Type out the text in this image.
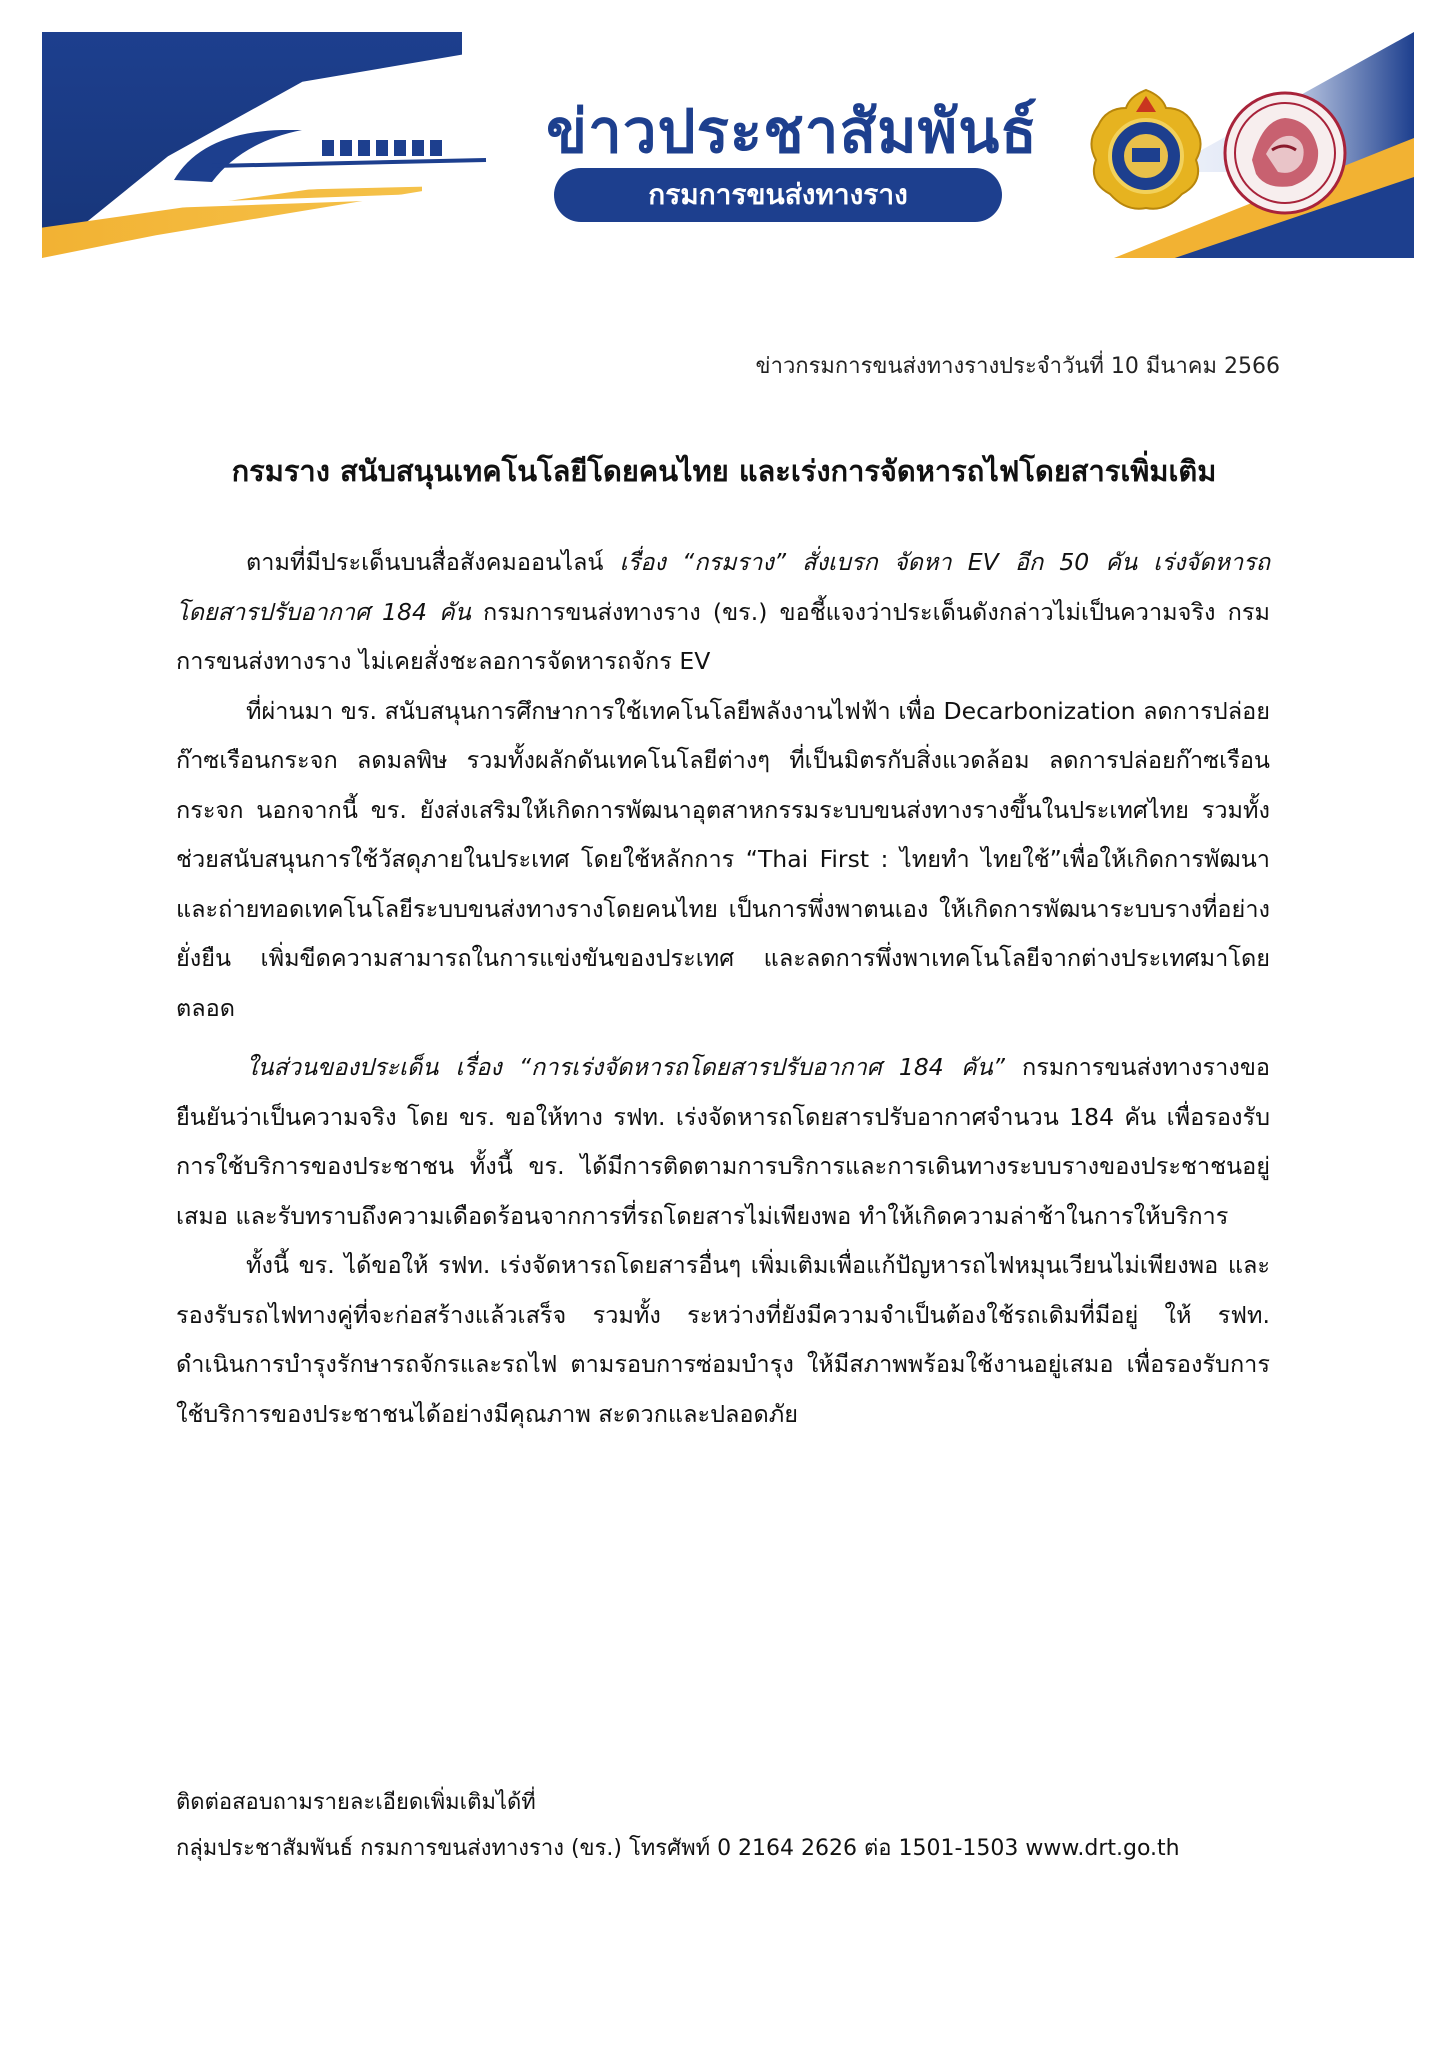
ข่าวประชาสัมพันธ์
กรมการขนส่งทางราง
ข่าวกรมการขนส่งทางรางประจำวันที่ 10 มีนาคม 2566
กรมราง สนับสนุนเทคโนโลยีโดยคนไทย และเร่งการจัดหารถไฟโดยสารเพิ่มเติม

ตามที่มีประเด็นบนสื่อสังคมออนไลน์ เรื่อง “กรมราง” สั่งเบรก จัดหา EV อีก 50 คัน เร่งจัดหารถโดยสารปรับอากาศ 184 คัน กรมการขนส่งทางราง (ขร.) ขอชี้แจงว่าประเด็นดังกล่าวไม่เป็นความจริง กรมการขนส่งทางราง ไม่เคยสั่งชะลอการจัดหารถจักร EV

ที่ผ่านมา ขร. สนับสนุนการศึกษาการใช้เทคโนโลยีพลังงานไฟฟ้า เพื่อ Decarbonization ลดการปล่อยก๊าซเรือนกระจก ลดมลพิษ รวมทั้งผลักดันเทคโนโลยีต่างๆ ที่เป็นมิตรกับสิ่งแวดล้อม ลดการปล่อยก๊าซเรือนกระจก นอกจากนี้ ขร. ยังส่งเสริมให้เกิดการพัฒนาอุตสาหกรรมระบบขนส่งทางรางขึ้นในประเทศไทย รวมทั้งช่วยสนับสนุนการใช้วัสดุภายในประเทศ โดยใช้หลักการ “Thai First : ไทยทำ ไทยใช้”เพื่อให้เกิดการพัฒนาและถ่ายทอดเทคโนโลยีระบบขนส่งทางรางโดยคนไทย เป็นการพึ่งพาตนเอง ให้เกิดการพัฒนาระบบรางที่อย่างยั่งยืน เพิ่มขีดความสามารถในการแข่งขันของประเทศ และลดการพึ่งพาเทคโนโลยีจากต่างประเทศมาโดยตลอด

ในส่วนของประเด็น เรื่อง “การเร่งจัดหารถโดยสารปรับอากาศ 184 คัน” กรมการขนส่งทางรางขอยืนยันว่าเป็นความจริง โดย ขร. ขอให้ทาง รฟท. เร่งจัดหารถโดยสารปรับอากาศจำนวน 184 คัน เพื่อรองรับการใช้บริการของประชาชน ทั้งนี้ ขร. ได้มีการติดตามการบริการและการเดินทางระบบรางของประชาชนอยู่เสมอ และรับทราบถึงความเดือดร้อนจากการที่รถโดยสารไม่เพียงพอ ทำให้เกิดความล่าช้าในการให้บริการ

ทั้งนี้ ขร. ได้ขอให้ รฟท. เร่งจัดหารถโดยสารอื่นๆ เพิ่มเติมเพื่อแก้ปัญหารถไฟหมุนเวียนไม่เพียงพอ และรองรับรถไฟทางคู่ที่จะก่อสร้างแล้วเสร็จ รวมทั้ง ระหว่างที่ยังมีความจำเป็นต้องใช้รถเดิมที่มีอยู่ ให้ รฟท. ดำเนินการบำรุงรักษารถจักรและรถไฟ ตามรอบการซ่อมบำรุง ให้มีสภาพพร้อมใช้งานอยู่เสมอ เพื่อรองรับการใช้บริการของประชาชนได้อย่างมีคุณภาพ สะดวกและปลอดภัย

ติดต่อสอบถามรายละเอียดเพิ่มเติมได้ที่
กลุ่มประชาสัมพันธ์ กรมการขนส่งทางราง (ขร.) โทรศัพท์ 0 2164 2626 ต่อ 1501-1503 www.drt.go.th
